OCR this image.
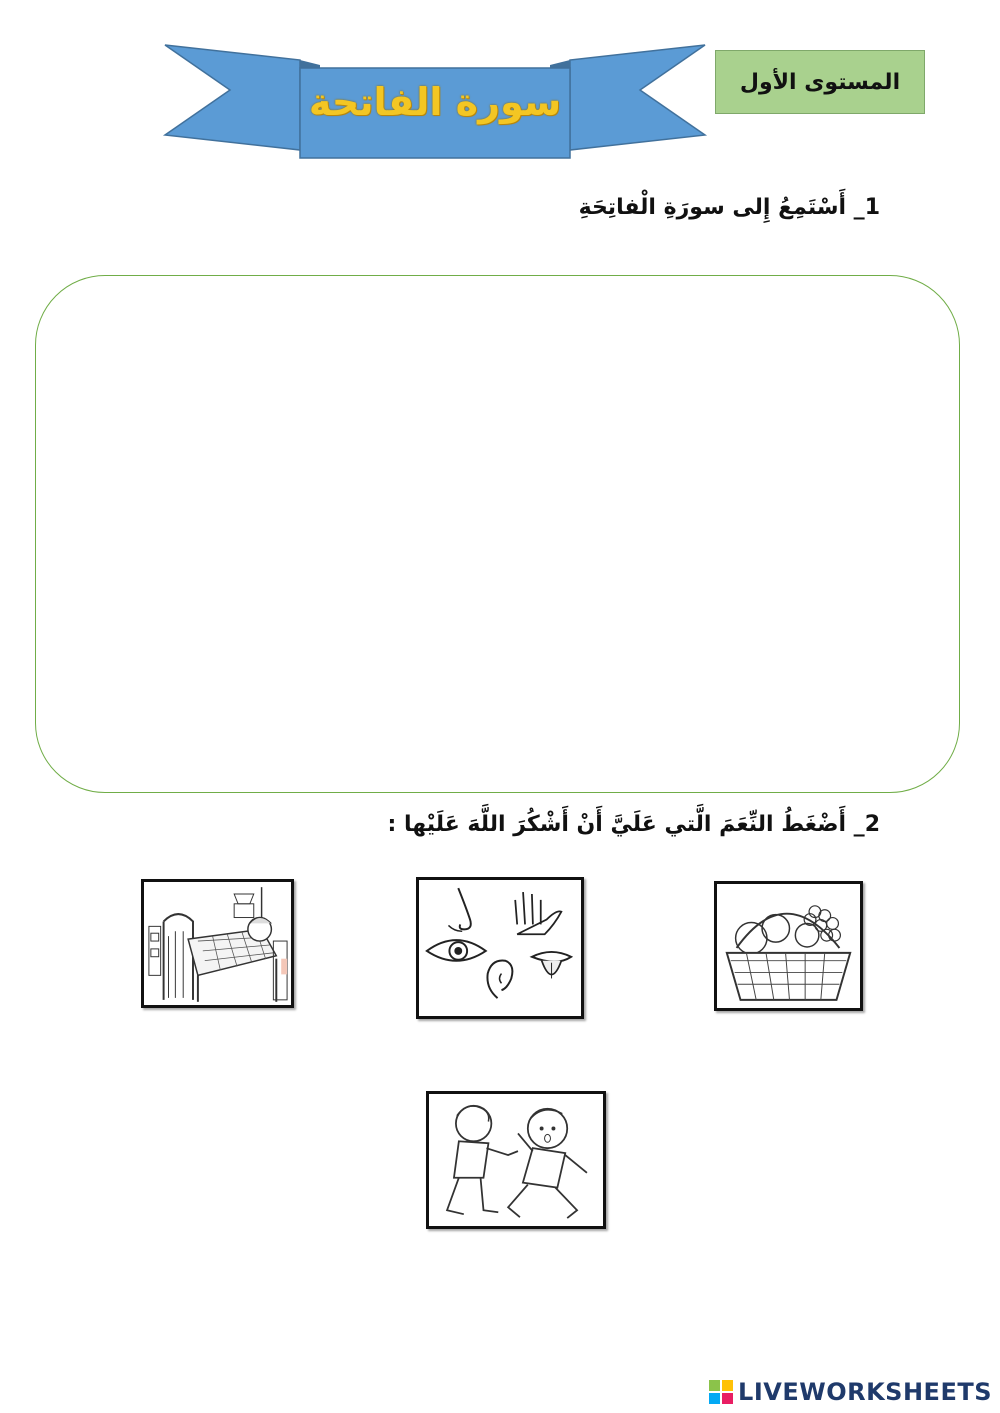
سورة الفاتحة	المستوى الأول
1_ أَسْتَمِعُ إِلى سورَةِ الْفاتِحَةِ
2_ أَضْغَطُ النِّعَمَ الَّتي عَلَيَّ أَنْ أَشْكُرَ اللَّهَ عَلَيْها :
LIVEWORKSHEETS
